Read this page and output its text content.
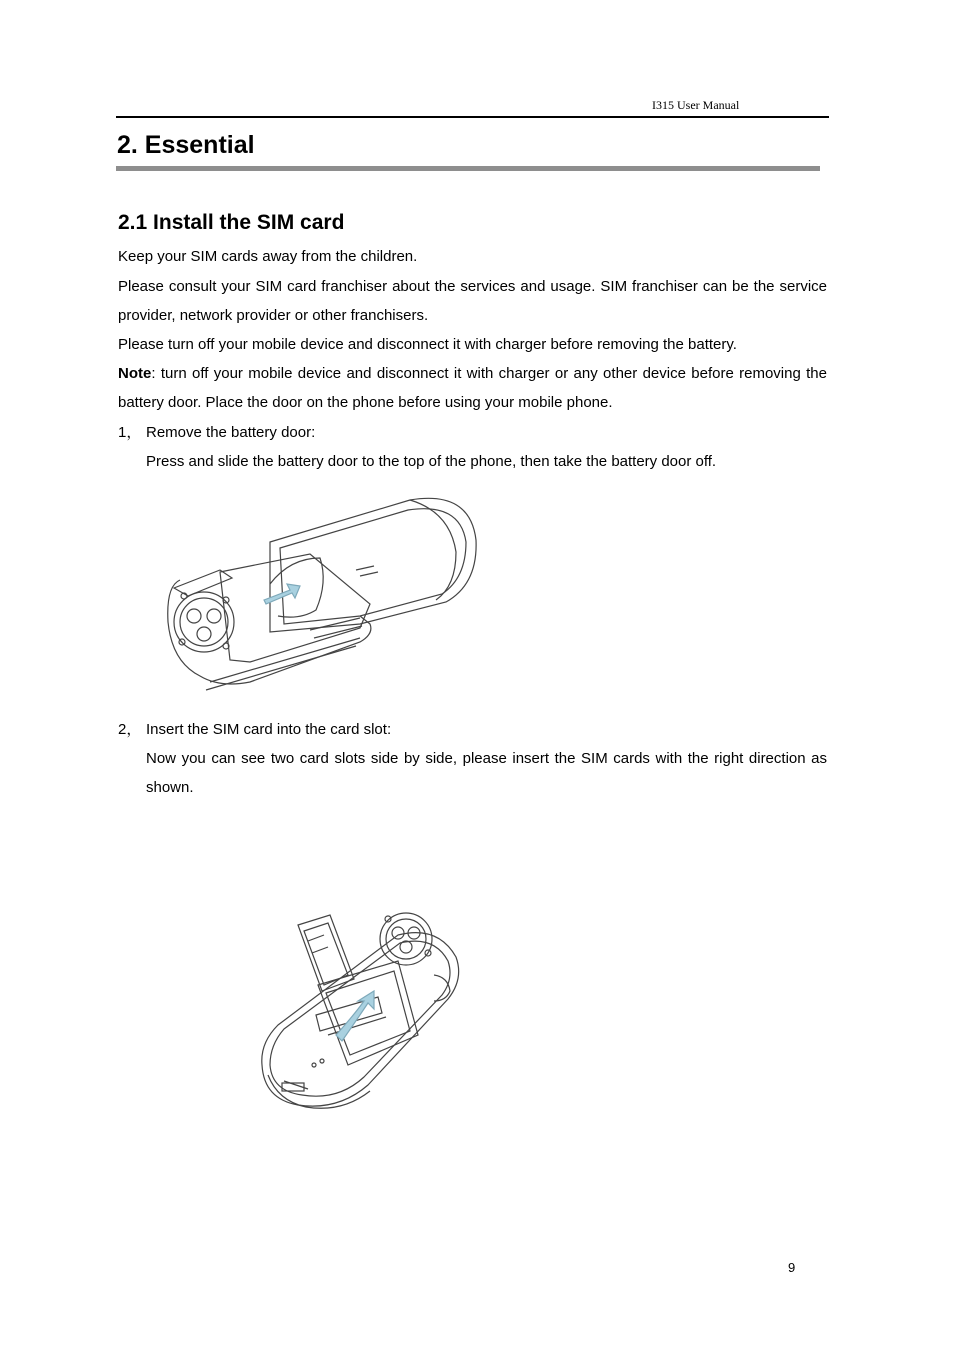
I315 User Manual
2. Essential
2.1 Install the SIM card

Keep your SIM cards away from the children.

Please consult your SIM card franchiser about the services and usage. SIM franchiser can be the service provider, network provider or other franchisers.

Please turn off your mobile device and disconnect it with charger before removing the battery.

Note: turn off your mobile device and disconnect it with charger or any other device before removing the battery door. Place the door on the phone before using your mobile phone.

1， Remove the battery door:

Press and slide the battery door to the top of the phone, then take the battery door off.

2， Insert the SIM card into the card slot:

Now you can see two card slots side by side, please insert the SIM cards with the right direction as shown.

9
